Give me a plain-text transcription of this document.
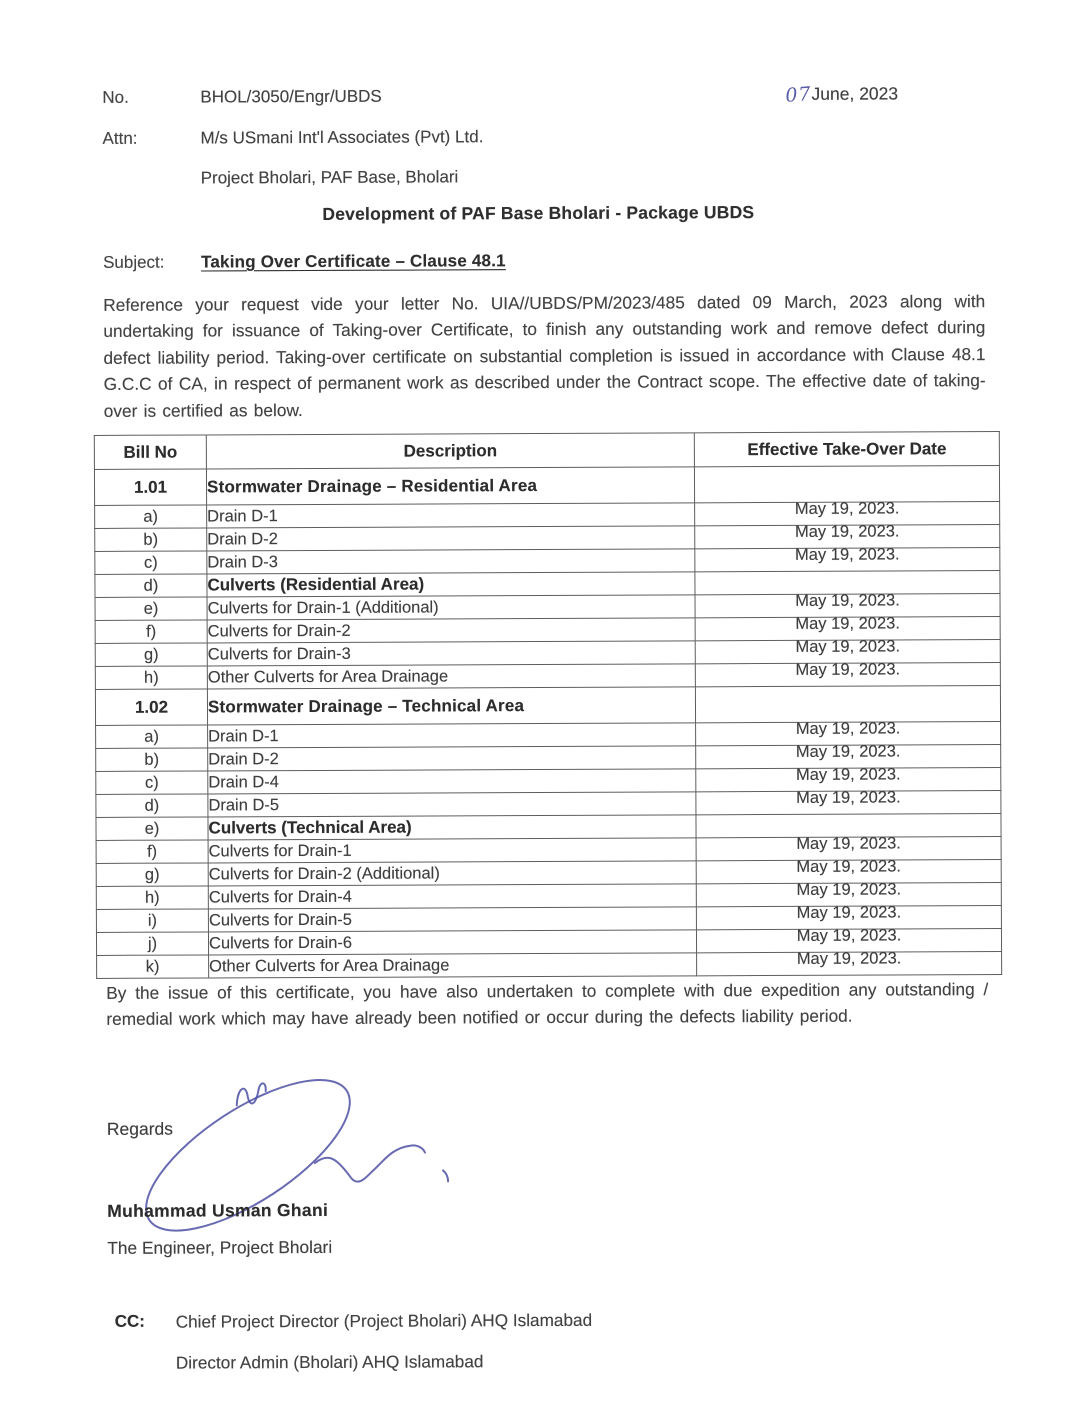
No.	BHOL/3050/Engr/UBDS	07June, 2023
Attn:	M/s USmani Int'l Associates (Pvt) Ltd.
Project Bholari, PAF Base, Bholari
Development of PAF Base Bholari - Package UBDS
Subject:	Taking Over Certificate – Clause 48.1
Reference your request vide your letter No. UIA//UBDS/PM/2023/485 dated 09 March, 2023 along with undertaking for issuance of Taking-over Certificate, to finish any outstanding work and remove defect during defect liability period. Taking-over certificate on substantial completion is issued in accordance with Clause 48.1 G.C.C of CA, in respect of permanent work as described under the Contract scope. The effective date of taking-over is certified as below.
Bill No	Description	Effective Take-Over Date
1.01	Stormwater Drainage – Residential Area	
a)	Drain D-1	May 19, 2023.
b)	Drain D-2	May 19, 2023.
c)	Drain D-3	May 19, 2023.
d)	Culverts (Residential Area)	
e)	Culverts for Drain-1 (Additional)	May 19, 2023.
f)	Culverts for Drain-2	May 19, 2023.
g)	Culverts for Drain-3	May 19, 2023.
h)	Other Culverts for Area Drainage	May 19, 2023.
1.02	Stormwater Drainage – Technical Area	
a)	Drain D-1	May 19, 2023.
b)	Drain D-2	May 19, 2023.
c)	Drain D-4	May 19, 2023.
d)	Drain D-5	May 19, 2023.
e)	Culverts (Technical Area)	
f)	Culverts for Drain-1	May 19, 2023.
g)	Culverts for Drain-2 (Additional)	May 19, 2023.
h)	Culverts for Drain-4	May 19, 2023.
i)	Culverts for Drain-5	May 19, 2023.
j)	Culverts for Drain-6	May 19, 2023.
k)	Other Culverts for Area Drainage	May 19, 2023.
By the issue of this certificate, you have also undertaken to complete with due expedition any outstanding / remedial work which may have already been notified or occur during the defects liability period.
Regards
Muhammad Usman Ghani
The Engineer, Project Bholari
CC: Chief Project Director (Project Bholari) AHQ Islamabad
Director Admin (Bholari) AHQ Islamabad
